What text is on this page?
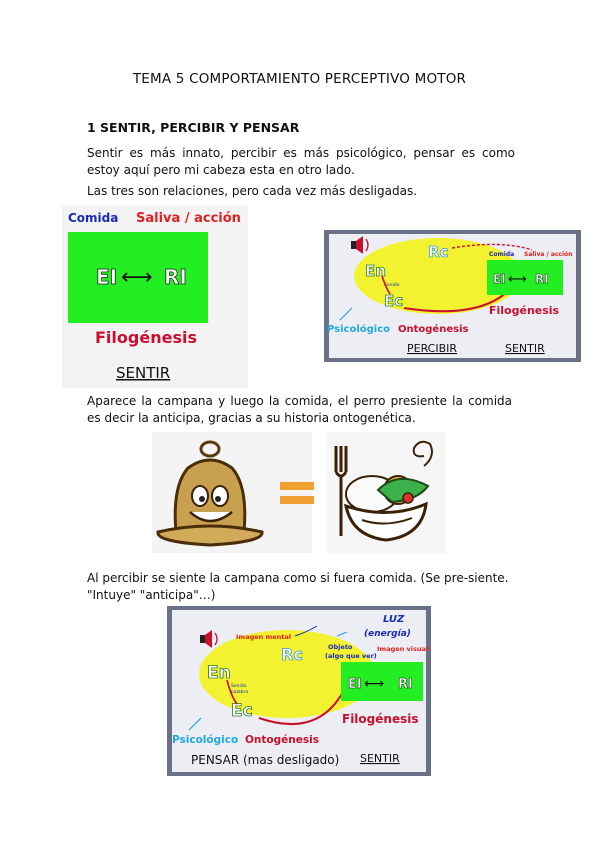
TEMA 5 COMPORTAMIENTO PERCEPTIVO MOTOR
1 SENTIR, PERCIBIR Y PENSAR
Sentir es más innato, percibir es más psicológico, pensar es como estoy aquí pero mi cabeza esta en otro lado.
Las tres son relaciones, pero cada vez más desligadas.
Comida Saliva / acción
EI ⟷ RI
Filogénesis
SENTIR
Rc
En
Sonido
Ec
Comida Saliva / acción
EI ⟷ RI
Filogénesis
Psicológico Ontogénesis
PERCIBIR	SENTIR
Aparece la campana y luego la comida, el perro presiente la comida es decir la anticipa, gracias a su historia ontogenética.
Al percibir se siente la campana como si fuera comida. (Se pre-siente. "Intuye" "anticipa"…)
LUZ
(energía)
Imagen mental
Rc	Objeto
(algo que ver)
Imagen visual
En
Sonido
palabra
Ec
EI ⟷ RI
Filogénesis
Psicológico Ontogénesis
PENSAR (mas desligado) SENTIR
